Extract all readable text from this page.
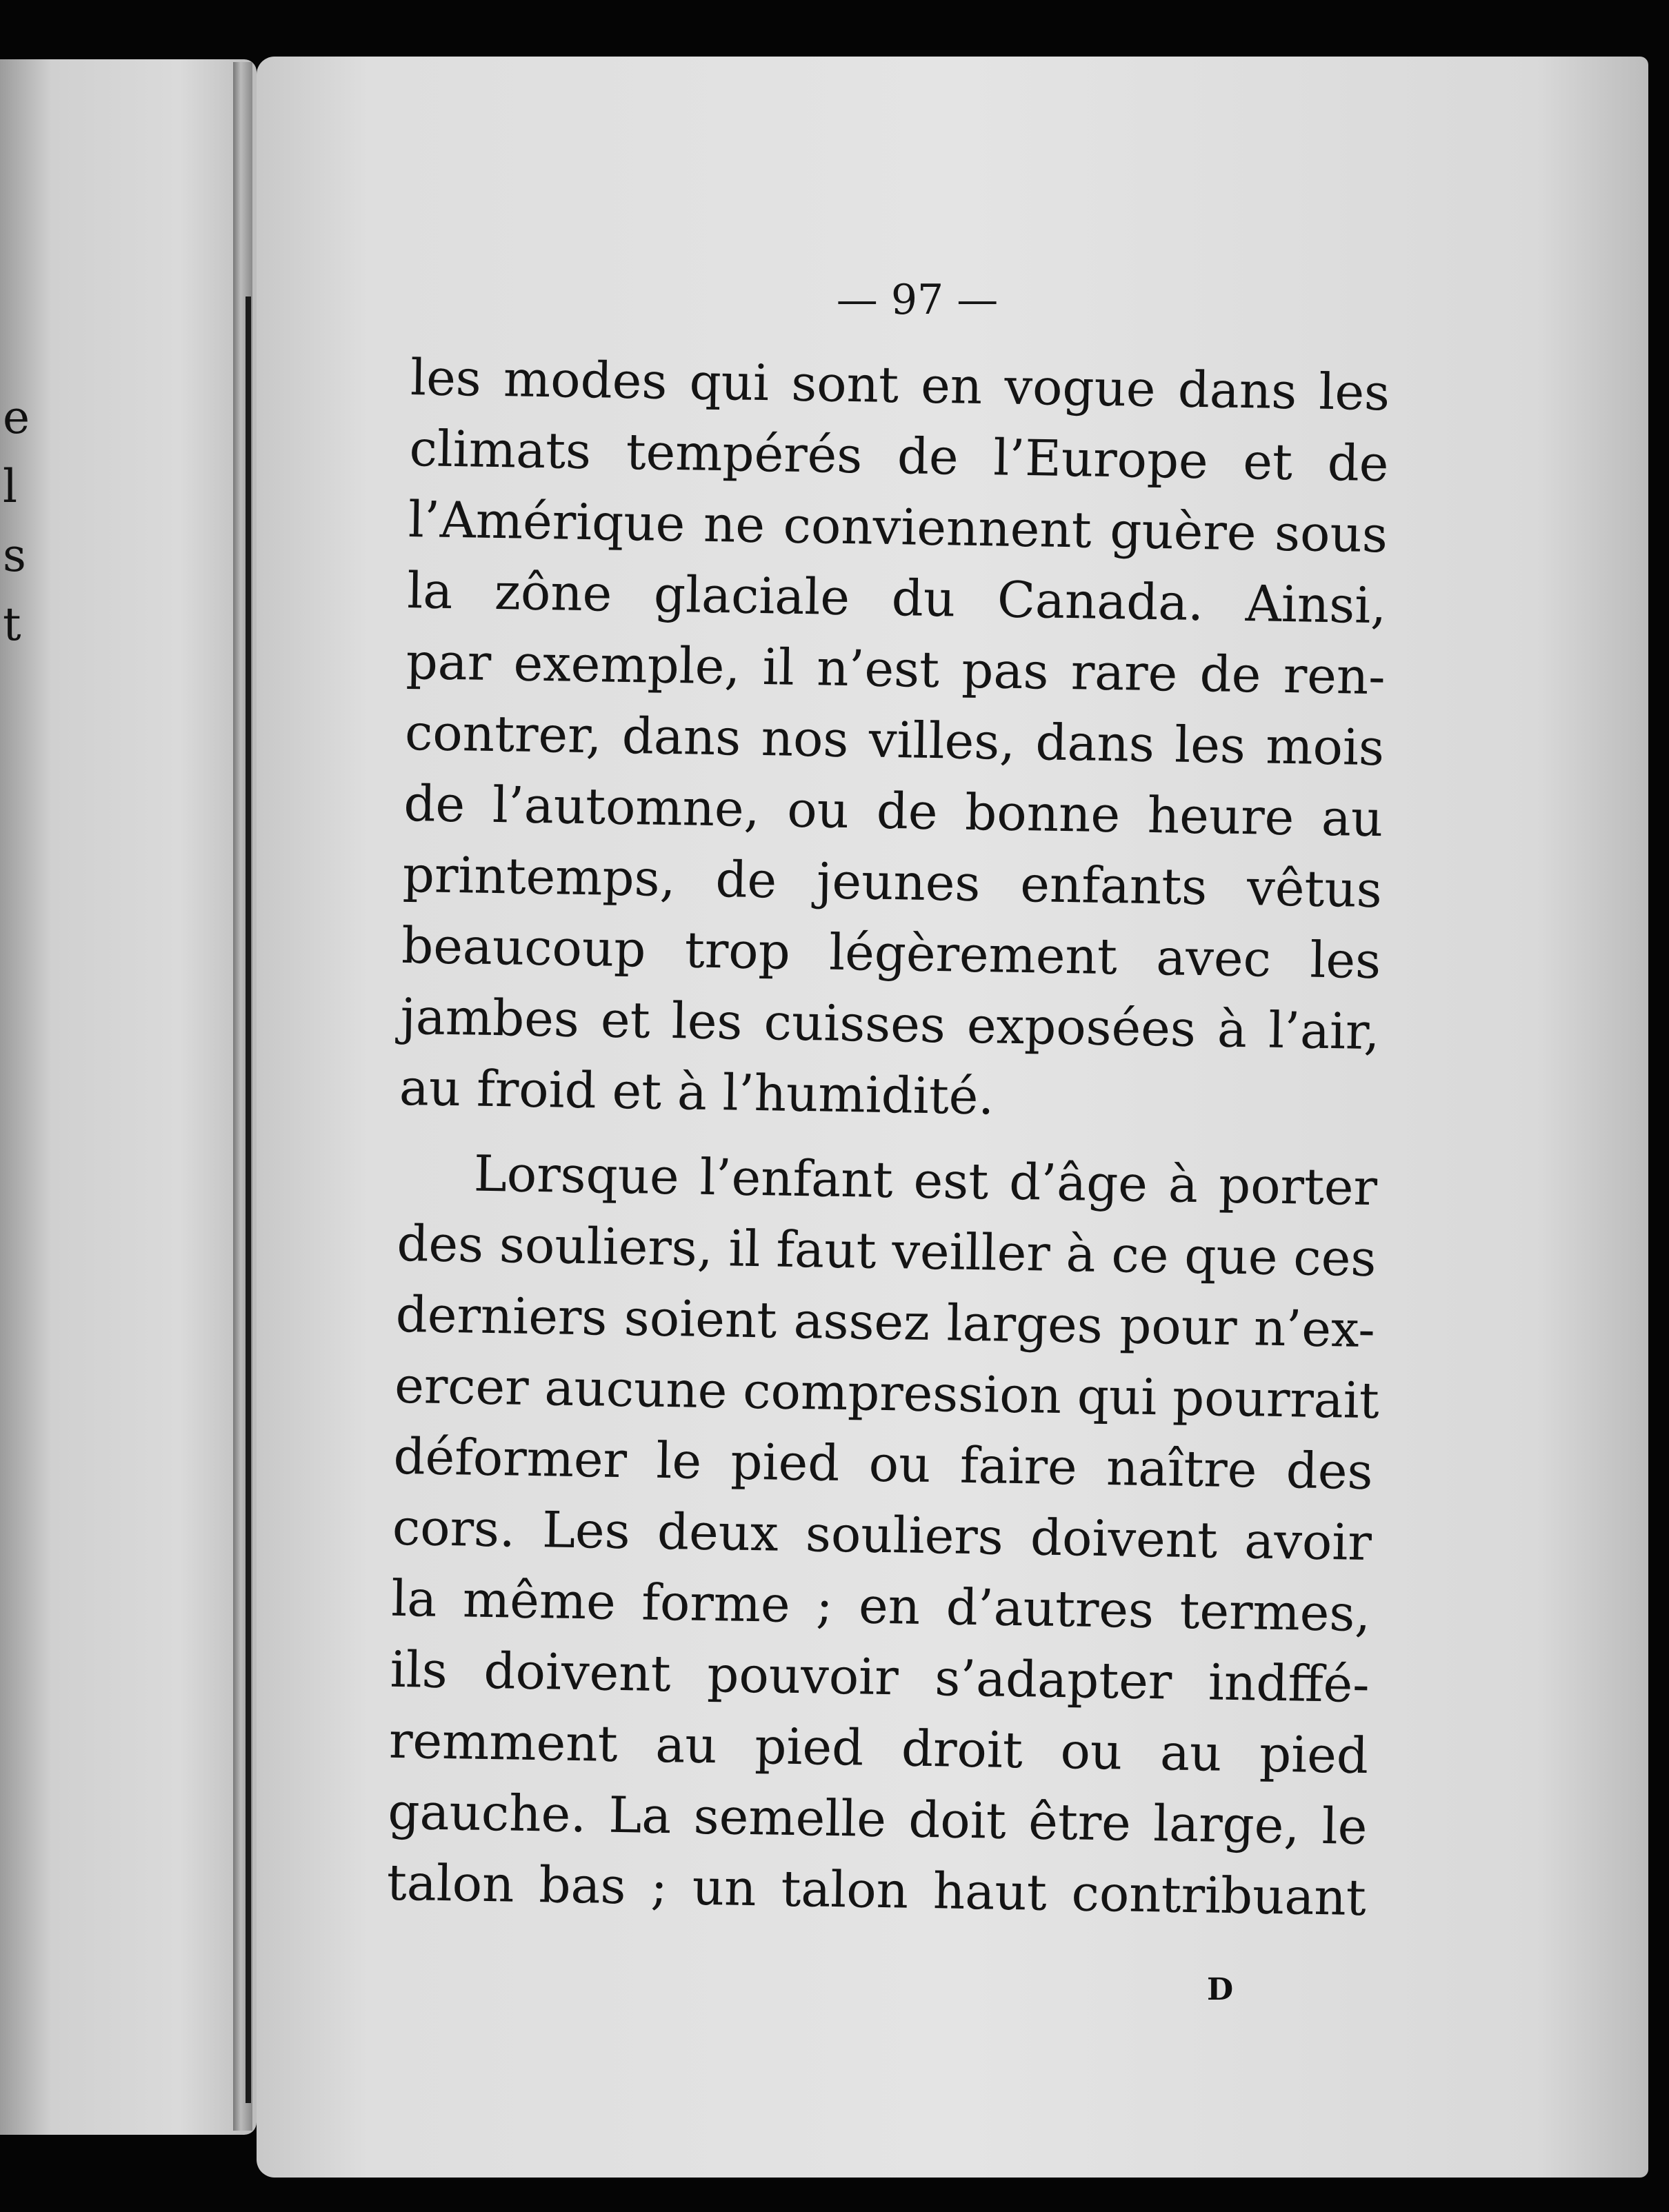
e
l
s
t
— 97 —

les modes qui sont en vogue dans les

climats tempérés de l’Europe et de

l’Amérique ne conviennent guère sous

la zône glaciale du Canada. Ainsi,

par exemple, il n’est pas rare de ren-

contrer, dans nos villes, dans les mois

de l’automne, ou de bonne heure au

printemps, de jeunes enfants vêtus

beaucoup trop légèrement avec les

jambes et les cuisses exposées à l’air,

au froid et à l’humidité.

Lorsque l’enfant est d’âge à porter

des souliers, il faut veiller à ce que ces

derniers soient assez larges pour n’ex-

ercer aucune compression qui pourrait

déformer le pied ou faire naître des

cors. Les deux souliers doivent avoir

la même forme ; en d’autres termes,

ils doivent pouvoir s’adapter indffé-

remment au pied droit ou au pied

gauche. La semelle doit être large, le

talon bas ; un talon haut contribuant

D
